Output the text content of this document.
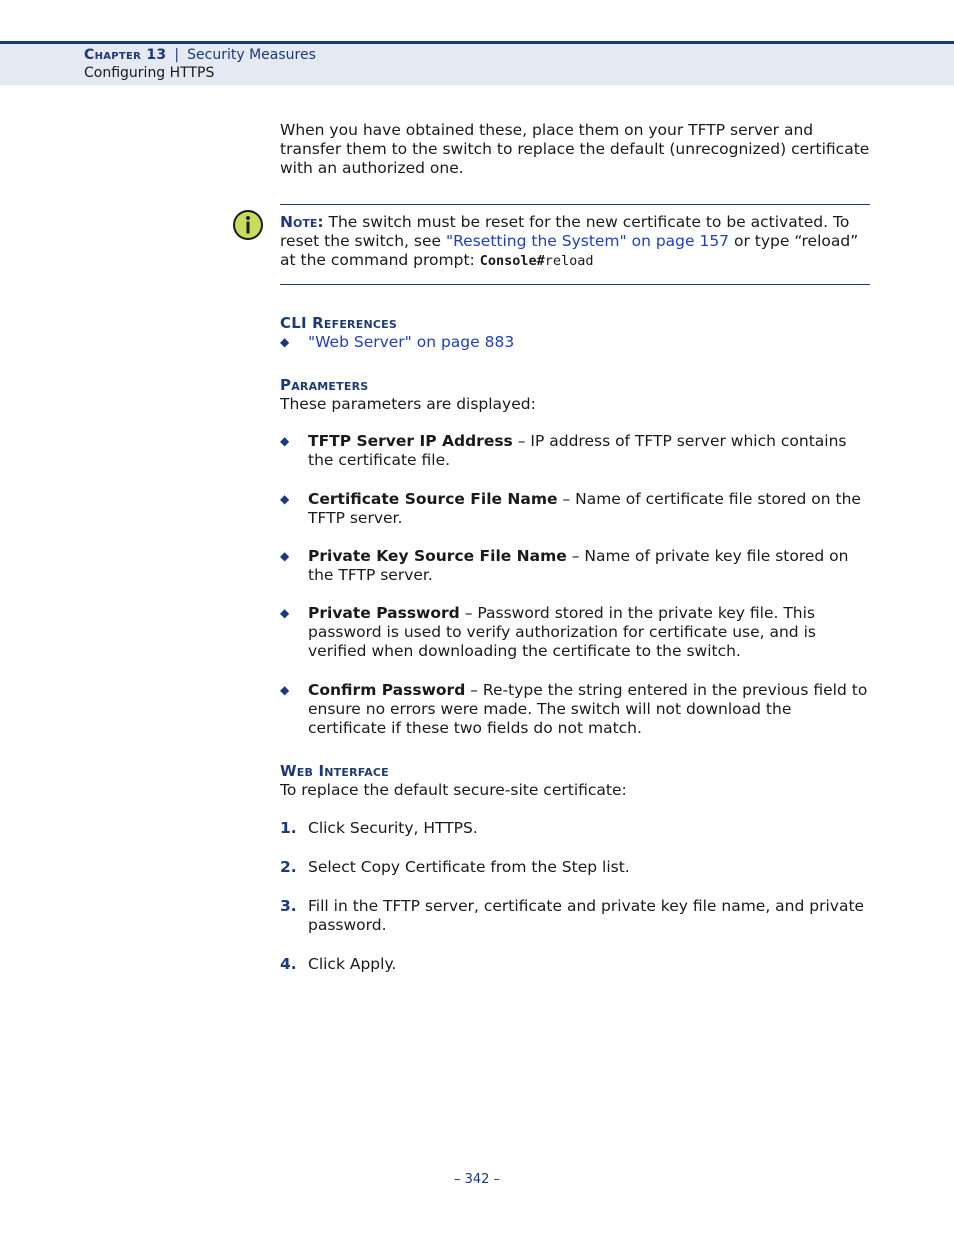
Chapter 13 | Security Measures
Configuring HTTPS

When you have obtained these, place them on your TFTP server and transfer them to the switch to replace the default (unrecognized) certificate with an authorized one.

Note: The switch must be reset for the new certificate to be activated. To reset the switch, see "Resetting the System" on page 157 or type “reload” at the command prompt: Console#reload

CLI References
◆ "Web Server" on page 883
Parameters

These parameters are displayed:

◆ TFTP Server IP Address – IP address of TFTP server which contains the certificate file.
◆ Certificate Source File Name – Name of certificate file stored on the TFTP server.
◆ Private Key Source File Name – Name of private key file stored on the TFTP server.
◆ Private Password – Password stored in the private key file. This password is used to verify authorization for certificate use, and is verified when downloading the certificate to the switch.
◆ Confirm Password – Re-type the string entered in the previous field to ensure no errors were made. The switch will not download the certificate if these two fields do not match.
Web Interface

To replace the default secure-site certificate:

1. Click Security, HTTPS.
2. Select Copy Certificate from the Step list.
3. Fill in the TFTP server, certificate and private key file name, and private password.
4. Click Apply.
– 342 –
